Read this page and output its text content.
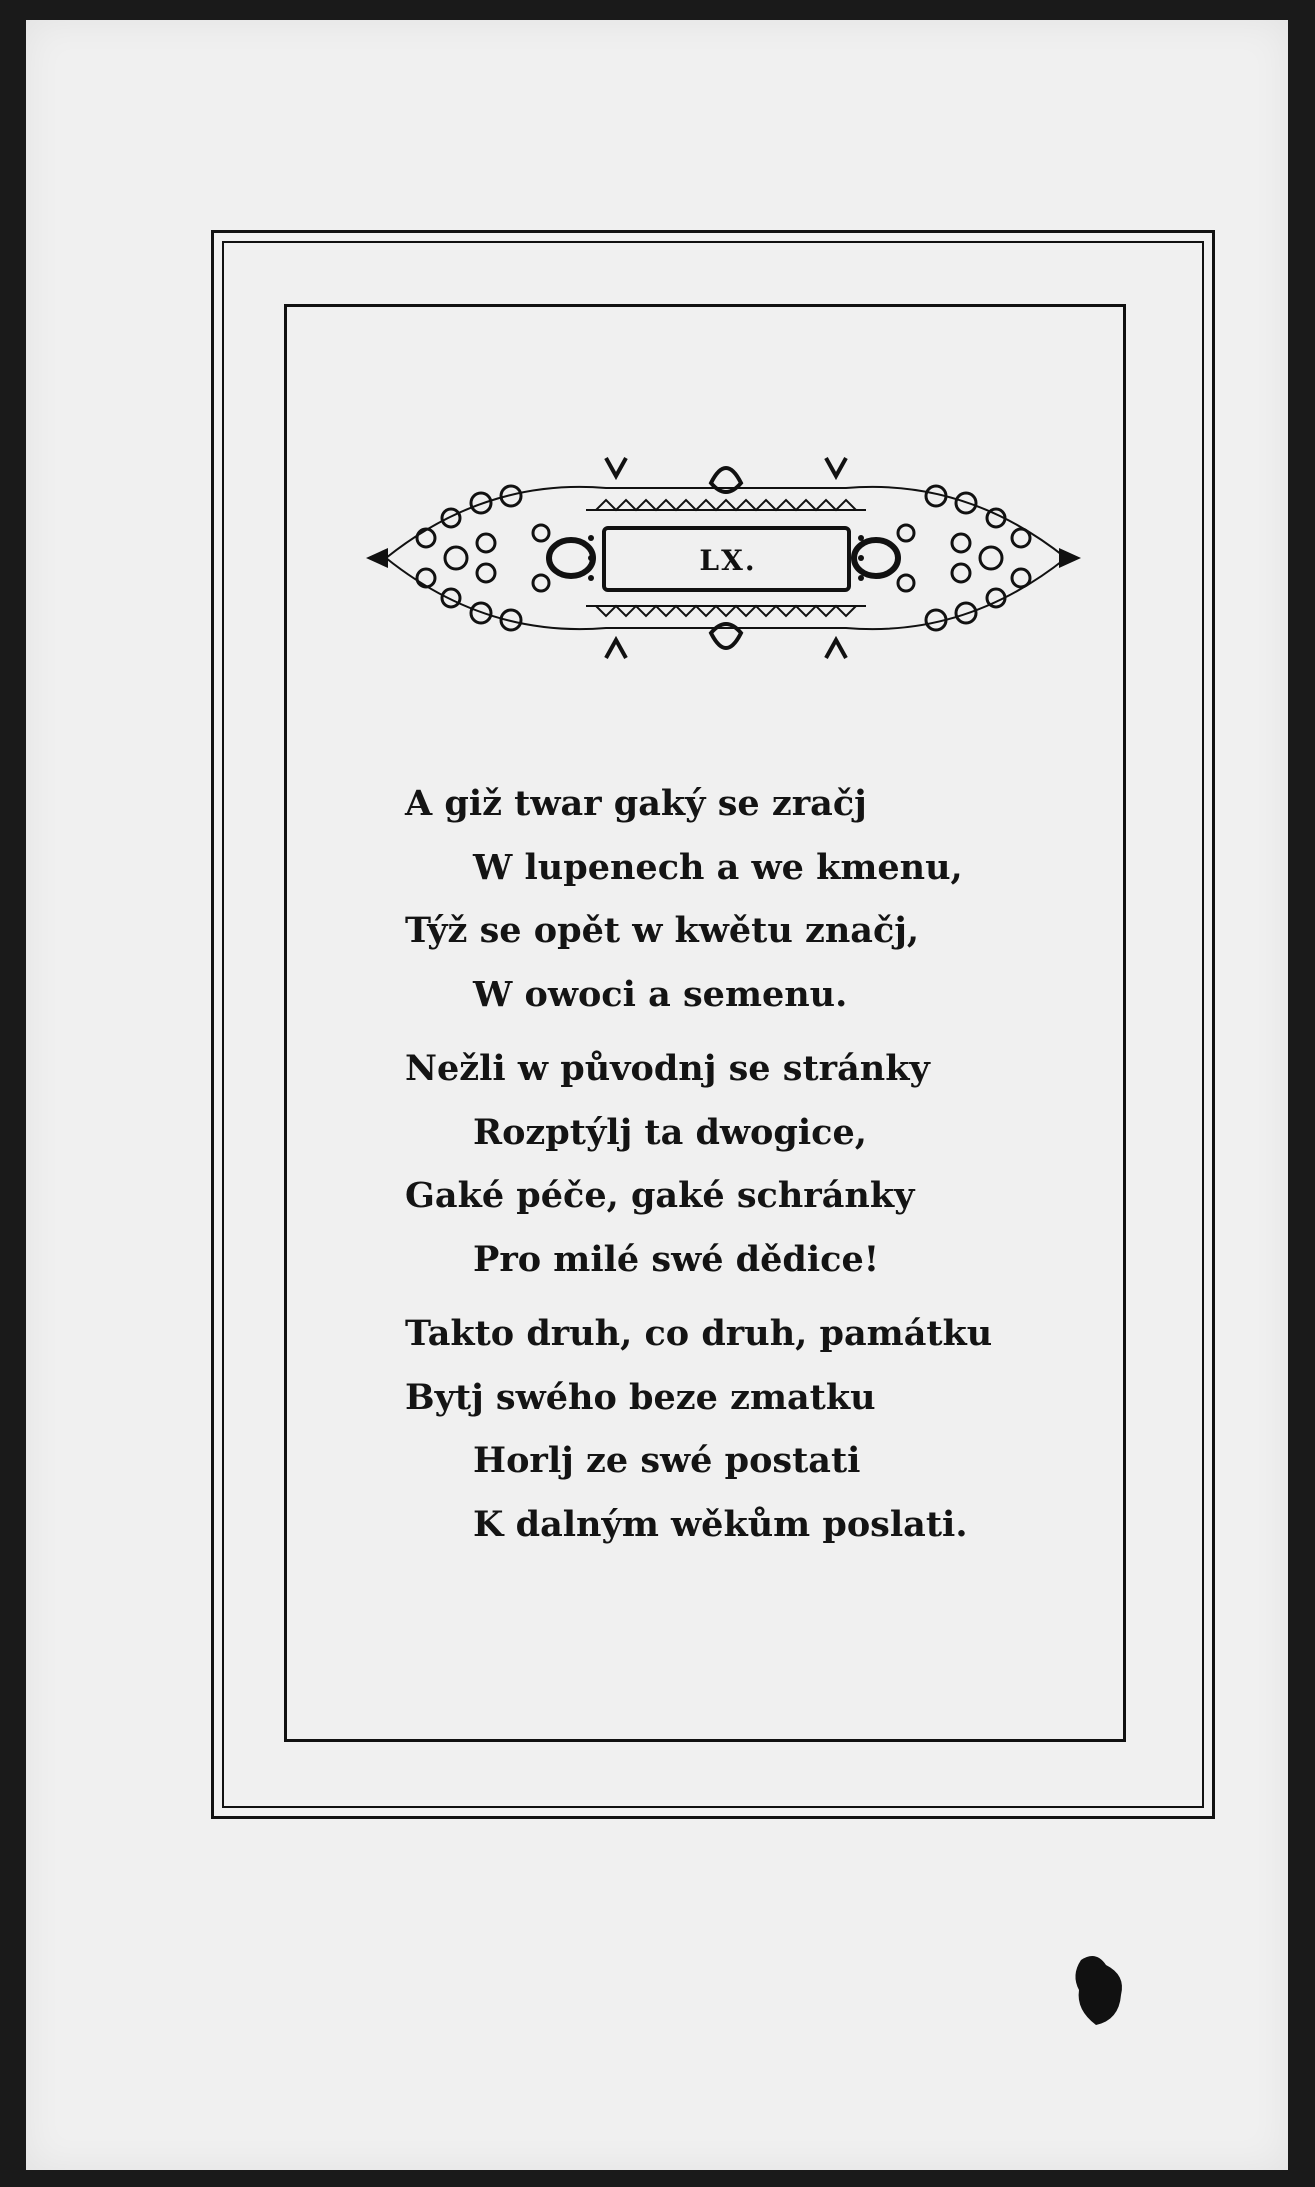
LX.
A giž twar gaký se zračj
W lupenech a we kmenu,
Týž se opět w kwětu značj,
W owoci a semenu.
Nežli w původnj se stránky
Rozptýlj ta dwogice,
Gaké péče, gaké schránky
Pro milé swé dědice!
Takto druh, co druh, památku
Bytj swého beze zmatku
Horlj ze swé postati
K dalným wěkům poslati.
